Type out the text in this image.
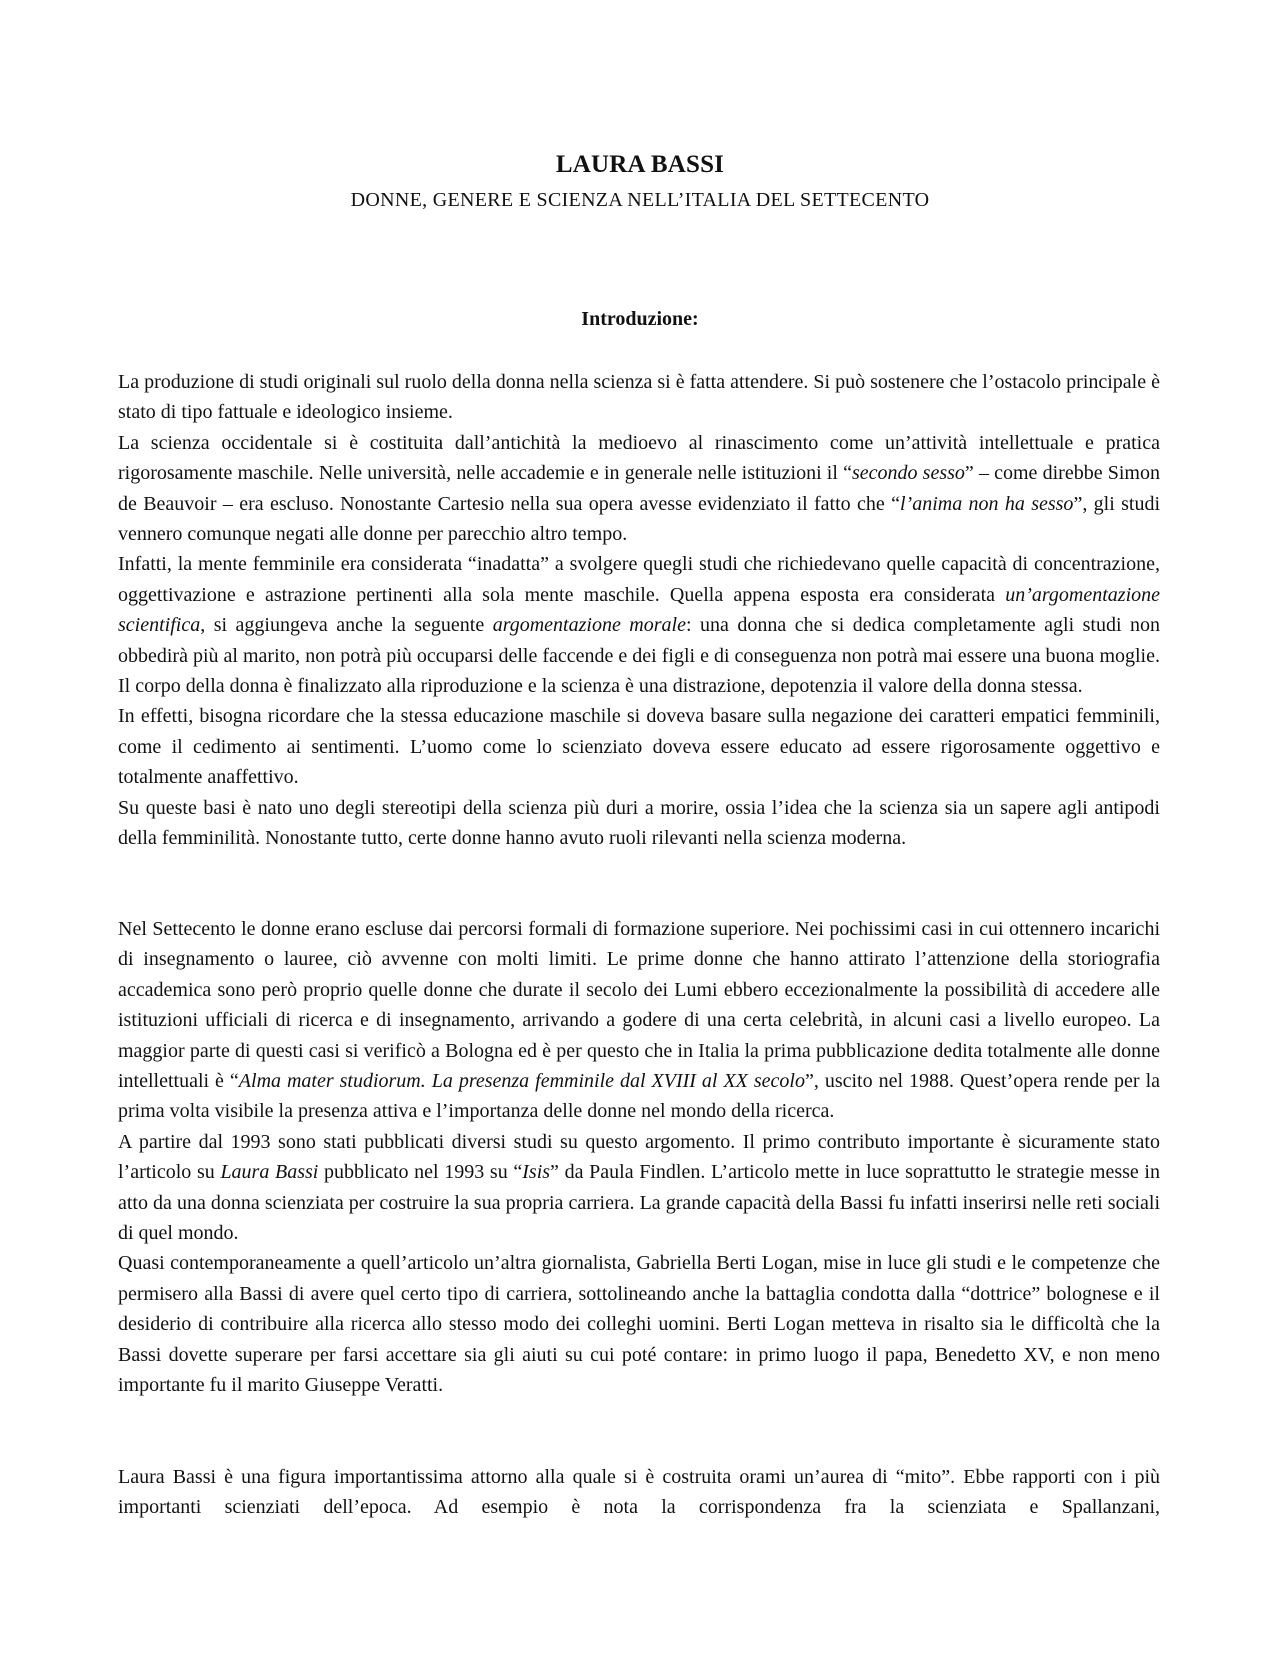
LAURA BASSI
DONNE, GENERE E SCIENZA NELL’ITALIA DEL SETTECENTO
Introduzione:

La produzione di studi originali sul ruolo della donna nella scienza si è fatta attendere. Si può sostenere che l’ostacolo principale è stato di tipo fattuale e ideologico insieme.

La scienza occidentale si è costituita dall’antichità la medioevo al rinascimento come un’attività intellettuale e pratica rigorosamente maschile. Nelle università, nelle accademie e in generale nelle istituzioni il “secondo sesso” – come direbbe Simon de Beauvoir – era escluso. Nonostante Cartesio nella sua opera avesse evidenziato il fatto che “l’anima non ha sesso”, gli studi vennero comunque negati alle donne per parecchio altro tempo.

Infatti, la mente femminile era considerata “inadatta” a svolgere quegli studi che richiedevano quelle capacità di concentrazione, oggettivazione e astrazione pertinenti alla sola mente maschile. Quella appena esposta era considerata un’argomentazione scientifica, si aggiungeva anche la seguente argomentazione morale: una donna che si dedica completamente agli studi non obbedirà più al marito, non potrà più occuparsi delle faccende e dei figli e di conseguenza non potrà mai essere una buona moglie. Il corpo della donna è finalizzato alla riproduzione e la scienza è una distrazione, depotenzia il valore della donna stessa.

In effetti, bisogna ricordare che la stessa educazione maschile si doveva basare sulla negazione dei caratteri empatici femminili, come il cedimento ai sentimenti. L’uomo come lo scienziato doveva essere educato ad essere rigorosamente oggettivo e totalmente anaffettivo.

Su queste basi è nato uno degli stereotipi della scienza più duri a morire, ossia l’idea che la scienza sia un sapere agli antipodi della femminilità. Nonostante tutto, certe donne hanno avuto ruoli rilevanti nella scienza moderna.

Nel Settecento le donne erano escluse dai percorsi formali di formazione superiore. Nei pochissimi casi in cui ottennero incarichi di insegnamento o lauree, ciò avvenne con molti limiti. Le prime donne che hanno attirato l’attenzione della storiografia accademica sono però proprio quelle donne che durate il secolo dei Lumi ebbero eccezionalmente la possibilità di accedere alle istituzioni ufficiali di ricerca e di insegnamento, arrivando a godere di una certa celebrità, in alcuni casi a livello europeo. La maggior parte di questi casi si verificò a Bologna ed è per questo che in Italia la prima pubblicazione dedita totalmente alle donne intellettuali è “Alma mater studiorum. La presenza femminile dal XVIII al XX secolo”, uscito nel 1988. Quest’opera rende per la prima volta visibile la presenza attiva e l’importanza delle donne nel mondo della ricerca.

A partire dal 1993 sono stati pubblicati diversi studi su questo argomento. Il primo contributo importante è sicuramente stato l’articolo su Laura Bassi pubblicato nel 1993 su “Isis” da Paula Findlen. L’articolo mette in luce soprattutto le strategie messe in atto da una donna scienziata per costruire la sua propria carriera. La grande capacità della Bassi fu infatti inserirsi nelle reti sociali di quel mondo.

Quasi contemporaneamente a quell’articolo un’altra giornalista, Gabriella Berti Logan, mise in luce gli studi e le competenze che permisero alla Bassi di avere quel certo tipo di carriera, sottolineando anche la battaglia condotta dalla “dottrice” bolognese e il desiderio di contribuire alla ricerca allo stesso modo dei colleghi uomini. Berti Logan metteva in risalto sia le difficoltà che la Bassi dovette superare per farsi accettare sia gli aiuti su cui poté contare: in primo luogo il papa, Benedetto XV, e non meno importante fu il marito Giuseppe Veratti.

Laura Bassi è una figura importantissima attorno alla quale si è costruita orami un’aurea di “mito”. Ebbe rapporti con i più importanti scienziati dell’epoca. Ad esempio è nota la corrispondenza fra la scienziata e Spallanzani,
